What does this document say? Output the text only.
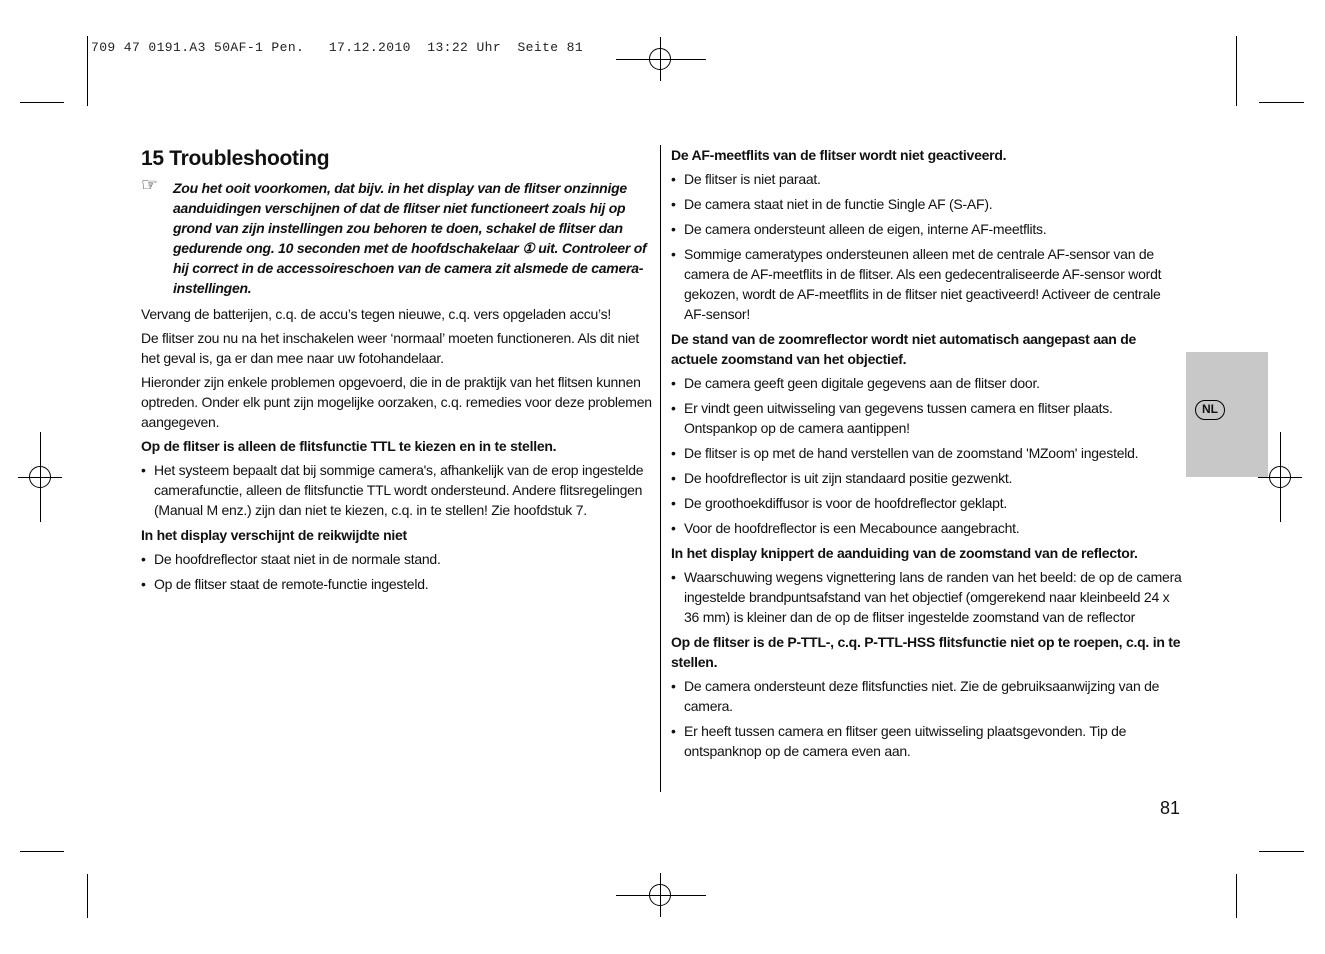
709 47 0191.A3 50AF-1 Pen.   17.12.2010  13:22 Uhr  Seite 81
15 Troubleshooting
☞ Zou het ooit voorkomen, dat bijv. in het display van de flitser onzinnige aanduidingen verschijnen of dat de flitser niet functioneert zoals hij op grond van zijn instellingen zou behoren te doen, schakel de flitser dan gedurende ong. 10 seconden met de hoofdschakelaar ① uit. Controleer of hij correct in de accessoireschoen van de camera zit alsmede de camera-instellingen.

Vervang de batterijen, c.q. de accu’s tegen nieuwe, c.q. vers opgeladen accu’s!

De flitser zou nu na het inschakelen weer ‘normaal’ moeten functioneren. Als dit niet het geval is, ga er dan mee naar uw fotohandelaar.

Hieronder zijn enkele problemen opgevoerd, die in de praktijk van het flitsen kunnen optreden. Onder elk punt zijn mogelijke oorzaken, c.q. remedies voor deze problemen aangegeven.

Op de flitser is alleen de flitsfunctie TTL te kiezen en in te stellen.
• Het systeem bepaalt dat bij sommige camera's, afhankelijk van de erop ingestelde camerafunctie, alleen de flitsfunctie TTL wordt ondersteund. Andere flitsregelingen (Manual M enz.) zijn dan niet te kiezen, c.q. in te stellen! Zie hoofdstuk 7.
In het display verschijnt de reikwijdte niet
• De hoofdreflector staat niet in de normale stand.
• Op de flitser staat de remote-functie ingesteld.
De AF-meetflits van de flitser wordt niet geactiveerd.
• De flitser is niet paraat.
• De camera staat niet in de functie Single AF (S-AF).
• De camera ondersteunt alleen de eigen, interne AF-meetflits.
• Sommige cameratypes ondersteunen alleen met de centrale AF-sensor van de camera de AF-meetflits in de flitser. Als een gedecentraliseerde AF-sensor wordt gekozen, wordt de AF-meetflits in de flitser niet geactiveerd! Activeer de centrale AF-sensor!
De stand van de zoomreflector wordt niet automatisch aangepast aan de actuele zoomstand van het objectief.
• De camera geeft geen digitale gegevens aan de flitser door.
• Er vindt geen uitwisseling van gegevens tussen camera en flitser plaats. Ontspankop op de camera aantippen!
• De flitser is op met de hand verstellen van de zoomstand 'MZoom' ingesteld.
• De hoofdreflector is uit zijn standaard positie gezwenkt.
• De groothoekdiffusor is voor de hoofdreflector geklapt.
• Voor de hoofdreflector is een Mecabounce aangebracht.
In het display knippert de aanduiding van de zoomstand van de reflector.
• Waarschuwing wegens vignettering lans de randen van het beeld: de op de camera ingestelde brandpuntsafstand van het objectief (omgerekend naar kleinbeeld 24 x 36 mm) is kleiner dan de op de flitser ingestelde zoomstand van de reflector
Op de flitser is de P-TTL-, c.q. P-TTL-HSS flitsfunctie niet op te roepen, c.q. in te stellen.
• De camera ondersteunt deze flitsfuncties niet. Zie de gebruiksaanwijzing van de camera.
• Er heeft tussen camera en flitser geen uitwisseling plaatsgevonden. Tip de ontspanknop op de camera even aan.
NL
81
